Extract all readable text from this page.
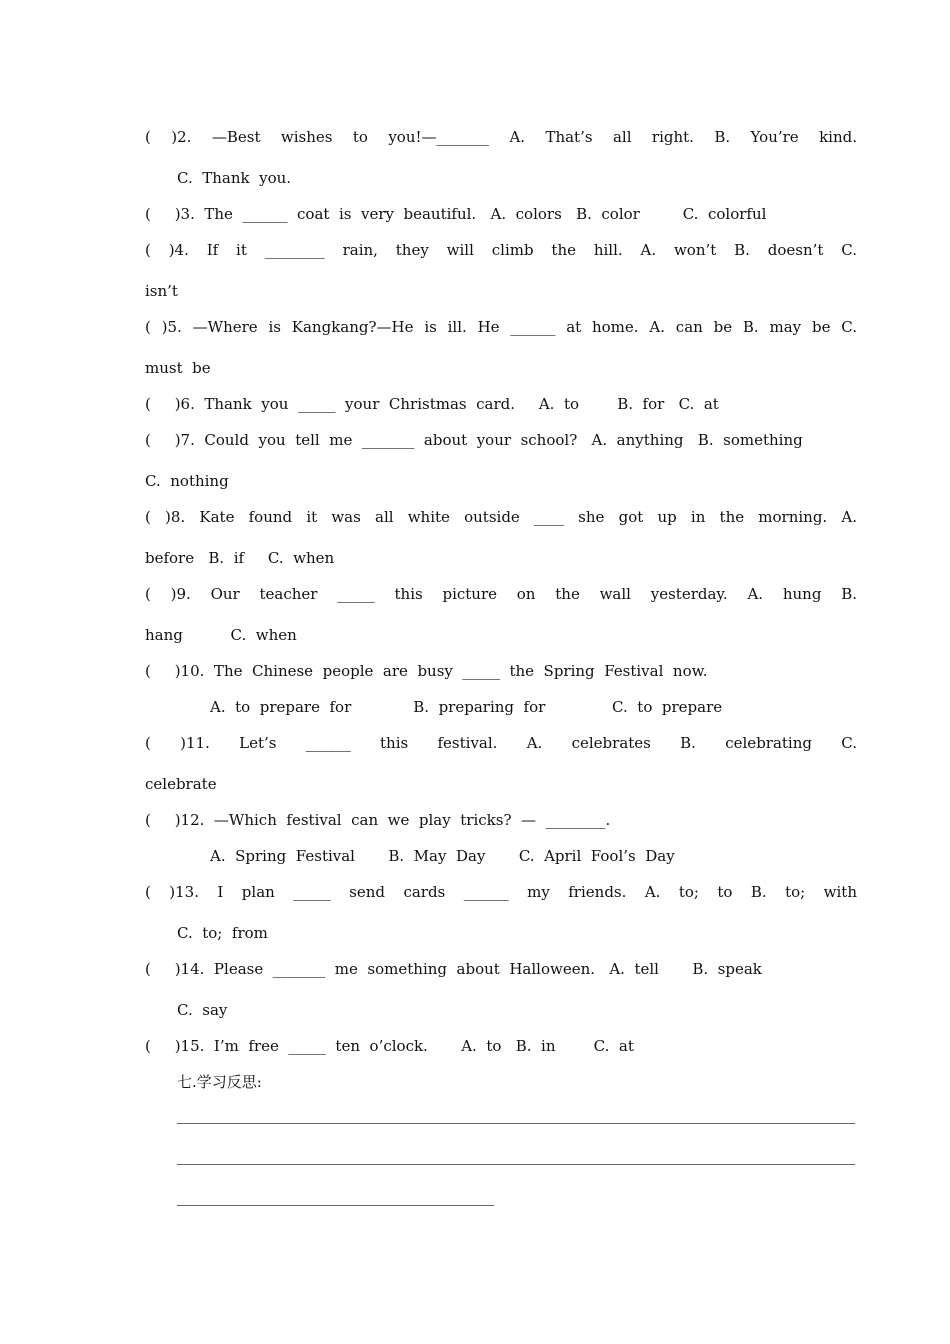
( )2. —Best wishes to you!—_______ A. That’s all right. B. You’re kind.
C.  Thank  you.
(     )3.  The  ______  coat  is  very  beautiful.   A.  colors   B.  color         C.  colorful
( )4. If it ________ rain, they will climb the hill. A. won’t B. doesn’t C.
isn’t
( )5. —Where is Kangkang?—He is ill. He ______ at home. A. can be B. may be C.
must  be
(     )6.  Thank  you  _____  your  Christmas  card.     A.  to        B.  for   C.  at
(     )7.  Could  you  tell  me  _______  about  your  school?   A.  anything   B.  something
C.  nothing
( )8. Kate found it was all white outside ____ she got up in the morning. A.
before   B.  if     C.  when
( )9. Our teacher _____ this picture on the wall yesterday. A. hung B.
hang          C.  when
(     )10.  The  Chinese  people  are  busy  _____  the  Spring  Festival  now.
A.  to  prepare  for             B.  preparing  for              C.  to  prepare
( )11. Let’s ______ this festival. A. celebrates B. celebrating C.
celebrate
(     )12.  —Which  festival  can  we  play  tricks?  —  ________.
A.  Spring  Festival       B.  May  Day       C.  April  Fool’s  Day
( )13. I plan _____ send cards ______ my friends. A. to; to B. to; with
C.  to;  from
(     )14.  Please  _______  me  something  about  Halloween.   A.  tell       B.  speak
C.  say
(     )15.  I’m  free  _____  ten  o’clock.       A.  to   B.  in        C.  at
七.学习反思:
